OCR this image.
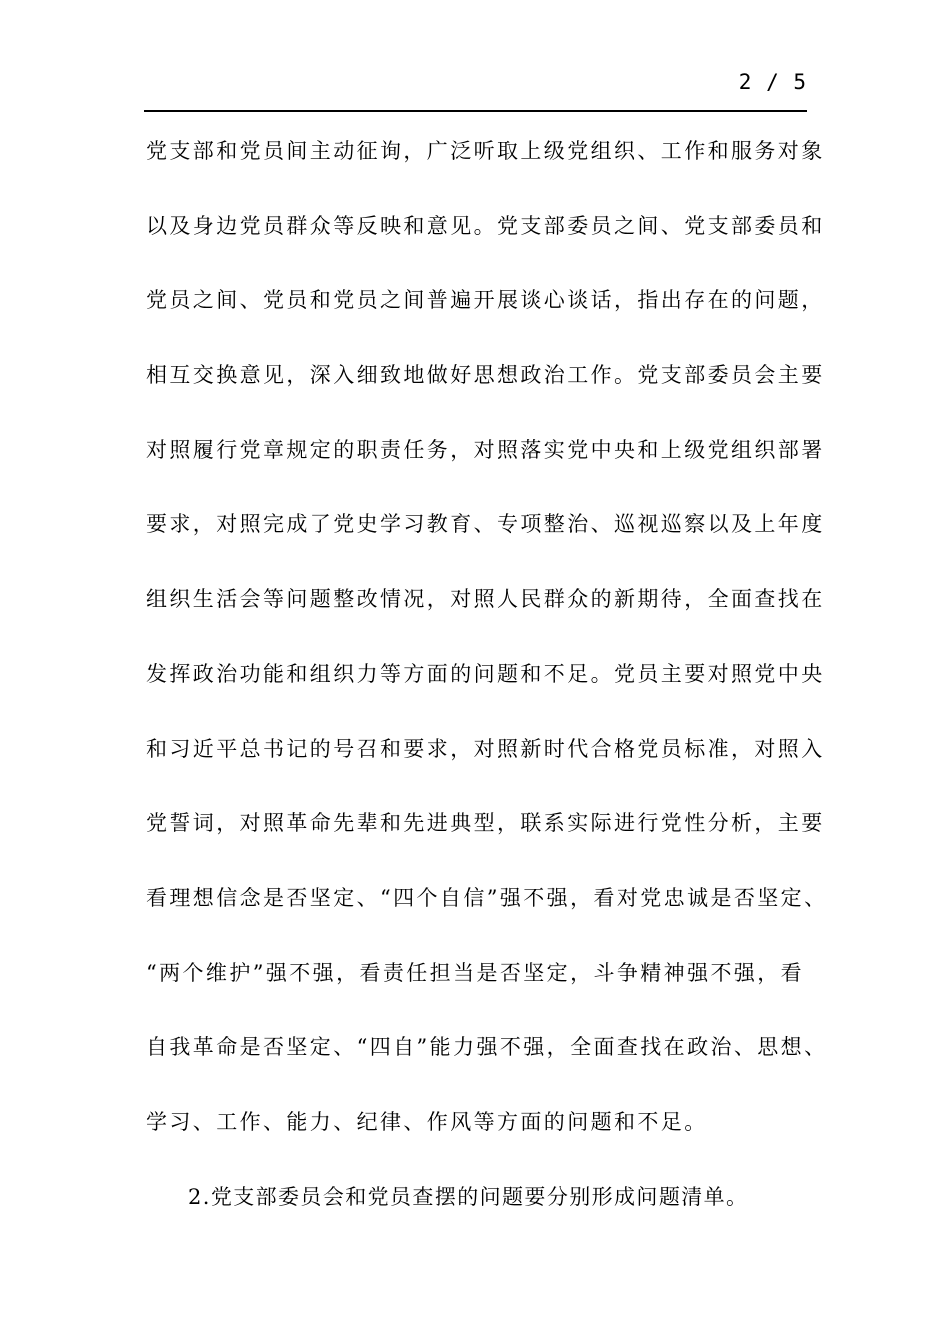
2 / 5
党支部和党员间主动征询，广泛听取上级党组织、工作和服务对象
以及身边党员群众等反映和意见。党支部委员之间、党支部委员和
党员之间、党员和党员之间普遍开展谈心谈话，指出存在的问题，
相互交换意见，深入细致地做好思想政治工作。党支部委员会主要
对照履行党章规定的职责任务，对照落实党中央和上级党组织部署
要求，对照完成了党史学习教育、专项整治、巡视巡察以及上年度
组织生活会等问题整改情况，对照人民群众的新期待，全面查找在
发挥政治功能和组织力等方面的问题和不足。党员主要对照党中央
和习近平总书记的号召和要求，对照新时代合格党员标准，对照入
党誓词，对照革命先辈和先进典型，联系实际进行党性分析，主要
看理想信念是否坚定、“四个自信”强不强，看对党忠诚是否坚定、
“两个维护”强不强，看责任担当是否坚定，斗争精神强不强，看
自我革命是否坚定、“四自”能力强不强，全面查找在政治、思想、
学习、工作、能力、纪律、作风等方面的问题和不足。
2.党支部委员会和党员查摆的问题要分别形成问题清单。
